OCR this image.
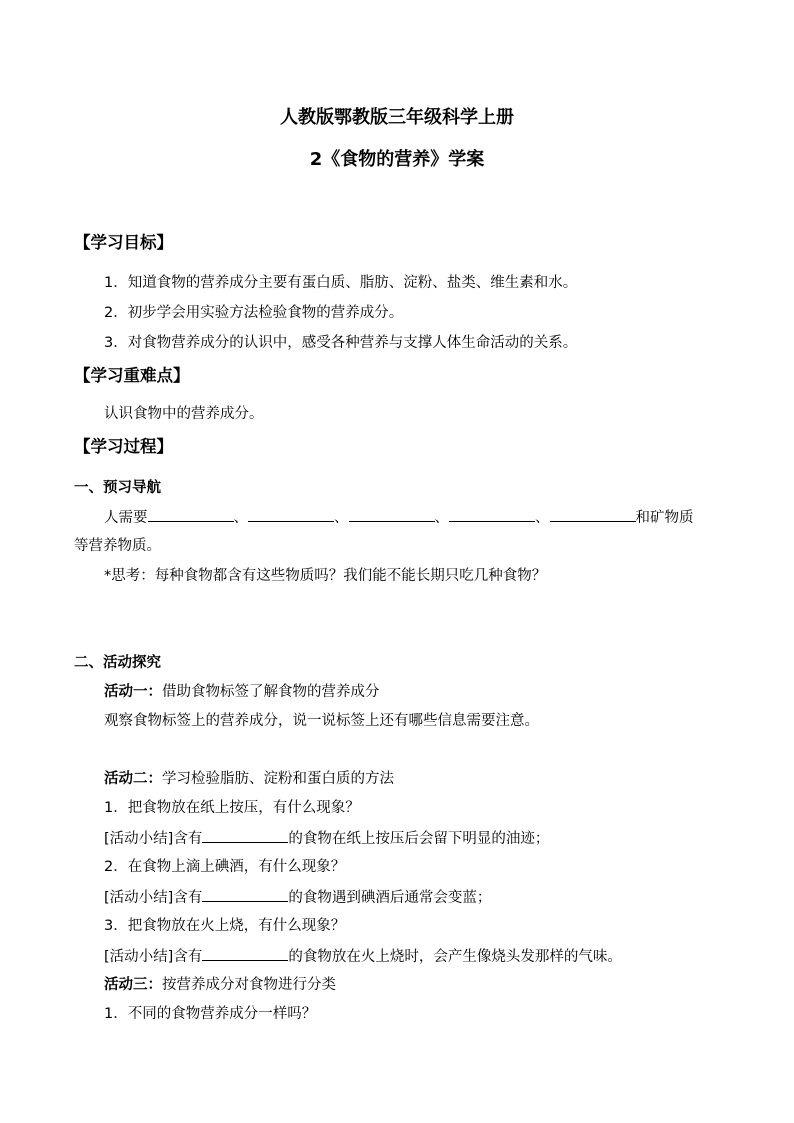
人教版鄂教版三年级科学上册
2《食物的营养》学案
【学习目标】
1．知道食物的营养成分主要有蛋白质、脂肪、淀粉、盐类、维生素和水。
2．初步学会用实验方法检验食物的营养成分。
3．对食物营养成分的认识中，感受各种营养与支撑人体生命活动的关系。
【学习重难点】
认识食物中的营养成分。
【学习过程】
一、预习导航
人需要	、	、	、	、	和矿物质
等营养物质。
*思考：每种食物都含有这些物质吗？我们能不能长期只吃几种食物？
二、活动探究
活动一：借助食物标签了解食物的营养成分
观察食物标签上的营养成分，说一说标签上还有哪些信息需要注意。
活动二：学习检验脂肪、淀粉和蛋白质的方法
1．把食物放在纸上按压，有什么现象？
[活动小结]含有	的食物在纸上按压后会留下明显的油迹；
2．在食物上滴上碘酒，有什么现象？
[活动小结]含有	的食物遇到碘酒后通常会变蓝；
3．把食物放在火上烧，有什么现象？
[活动小结]含有	的食物放在火上烧时，会产生像烧头发那样的气味。
活动三：按营养成分对食物进行分类
1．不同的食物营养成分一样吗？
